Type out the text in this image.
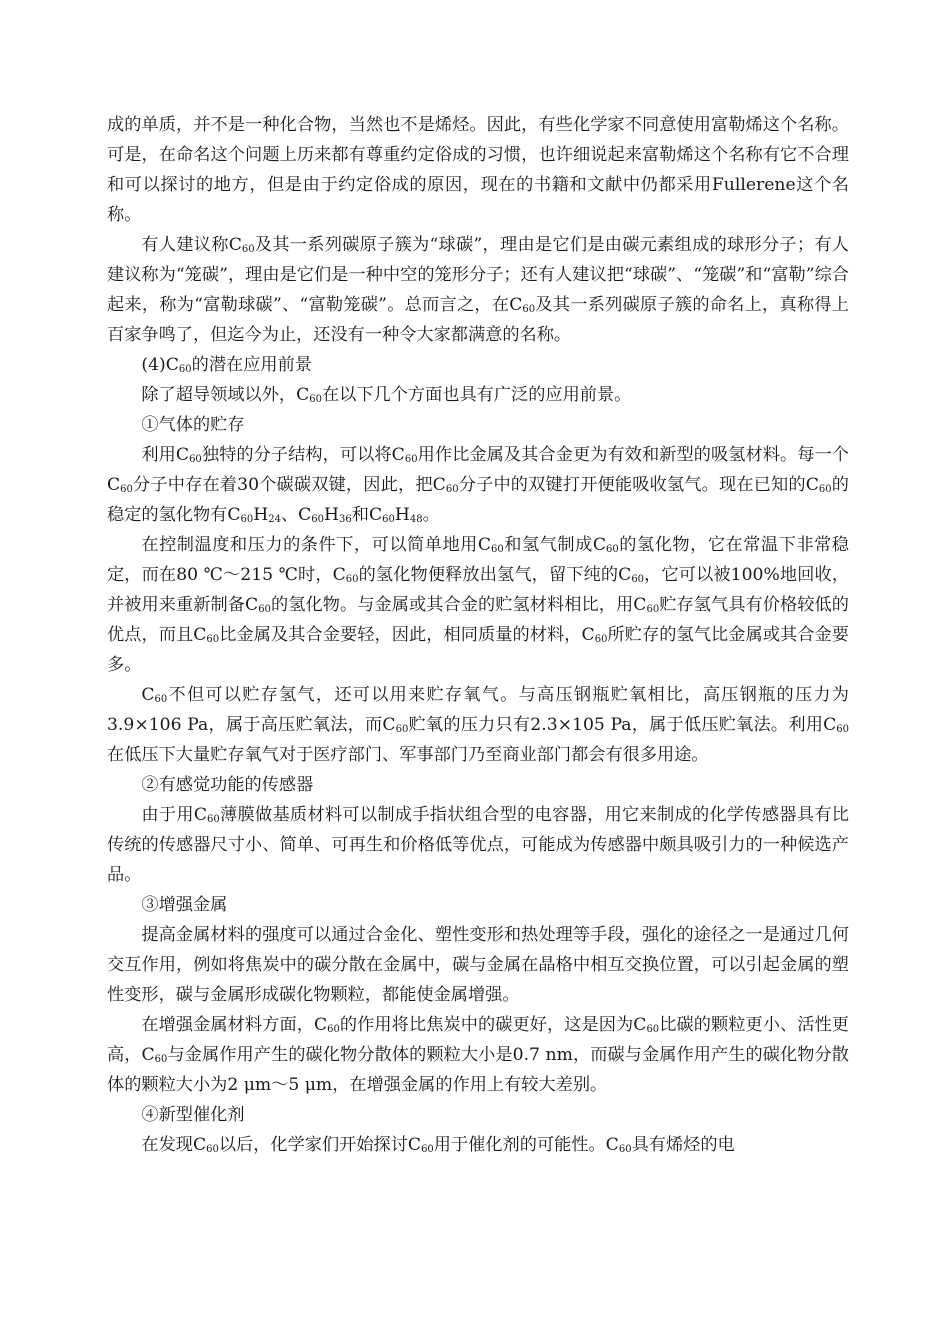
成的单质，并不是一种化合物，当然也不是烯烃。因此，有些化学家不同意使用富勒烯这个名称。可是，在命名这个问题上历来都有尊重约定俗成的习惯，也许细说起来富勒烯这个名称有它不合理和可以探讨的地方，但是由于约定俗成的原因，现在的书籍和文献中仍都采用Fullerene这个名称。

有人建议称$C_{60}$及其一系列碳原子簇为“球碳”，理由是它们是由碳元素组成的球形分子；有人建议称为“笼碳”，理由是它们是一种中空的笼形分子；还有人建议把“球碳”、“笼碳”和“富勒”综合起来，称为“富勒球碳”、“富勒笼碳”。总而言之，在$C_{60}$及其一系列碳原子簇的命名上，真称得上百家争鸣了，但迄今为止，还没有一种令大家都满意的名称。

$(4)C_{60}$的潜在应用前景

除了超导领域以外，$C_{60}$在以下几个方面也具有广泛的应用前景。

①气体的贮存

利用$C_{60}$独特的分子结构，可以将$C_{60}$用作比金属及其合金更为有效和新型的吸氢材料。每一个$C_{60}$分子中存在着30个碳碳双键，因此，把$C_{60}$分子中的双键打开便能吸收氢气。现在已知的$C_{60}$的稳定的氢化物有$C_{60}H_{24}$、$C_{60}H_{36}$和$C_{60}H_{48}$。

在控制温度和压力的条件下，可以简单地用$C_{60}$和氢气制成$C_{60}$的氢化物，它在常温下非常稳定，而在80 ℃～215 ℃时，$C_{60}$的氢化物便释放出氢气，留下纯的$C_{60}$，它可以被100%地回收，并被用来重新制备$C_{60}$的氢化物。与金属或其合金的贮氢材料相比，用$C_{60}$贮存氢气具有价格较低的优点，而且$C_{60}$比金属及其合金要轻，因此，相同质量的材料，$C_{60}$所贮存的氢气比金属或其合金要多。

$C_{60}$不但可以贮存氢气，还可以用来贮存氧气。与高压钢瓶贮氧相比，高压钢瓶的压力为3.9×106 Pa，属于高压贮氧法，而$C_{60}$贮氧的压力只有2.3×105 Pa，属于低压贮氧法。利用$C_{60}$在低压下大量贮存氧气对于医疗部门、军事部门乃至商业部门都会有很多用途。

②有感觉功能的传感器

由于用$C_{60}$薄膜做基质材料可以制成手指状组合型的电容器，用它来制成的化学传感器具有比传统的传感器尺寸小、简单、可再生和价格低等优点，可能成为传感器中颇具吸引力的一种候选产品。

③增强金属

提高金属材料的强度可以通过合金化、塑性变形和热处理等手段，强化的途径之一是通过几何交互作用，例如将焦炭中的碳分散在金属中，碳与金属在晶格中相互交换位置，可以引起金属的塑性变形，碳与金属形成碳化物颗粒，都能使金属增强。

在增强金属材料方面，$C_{60}$的作用将比焦炭中的碳更好，这是因为$C_{60}$比碳的颗粒更小、活性更高，$C_{60}$与金属作用产生的碳化物分散体的颗粒大小是0.7 nm，而碳与金属作用产生的碳化物分散体的颗粒大小为2 μm～5 μm，在增强金属的作用上有较大差别。

④新型催化剂

在发现$C_{60}$以后，化学家们开始探讨$C_{60}$用于催化剂的可能性。$C_{60}$具有烯烃的电
